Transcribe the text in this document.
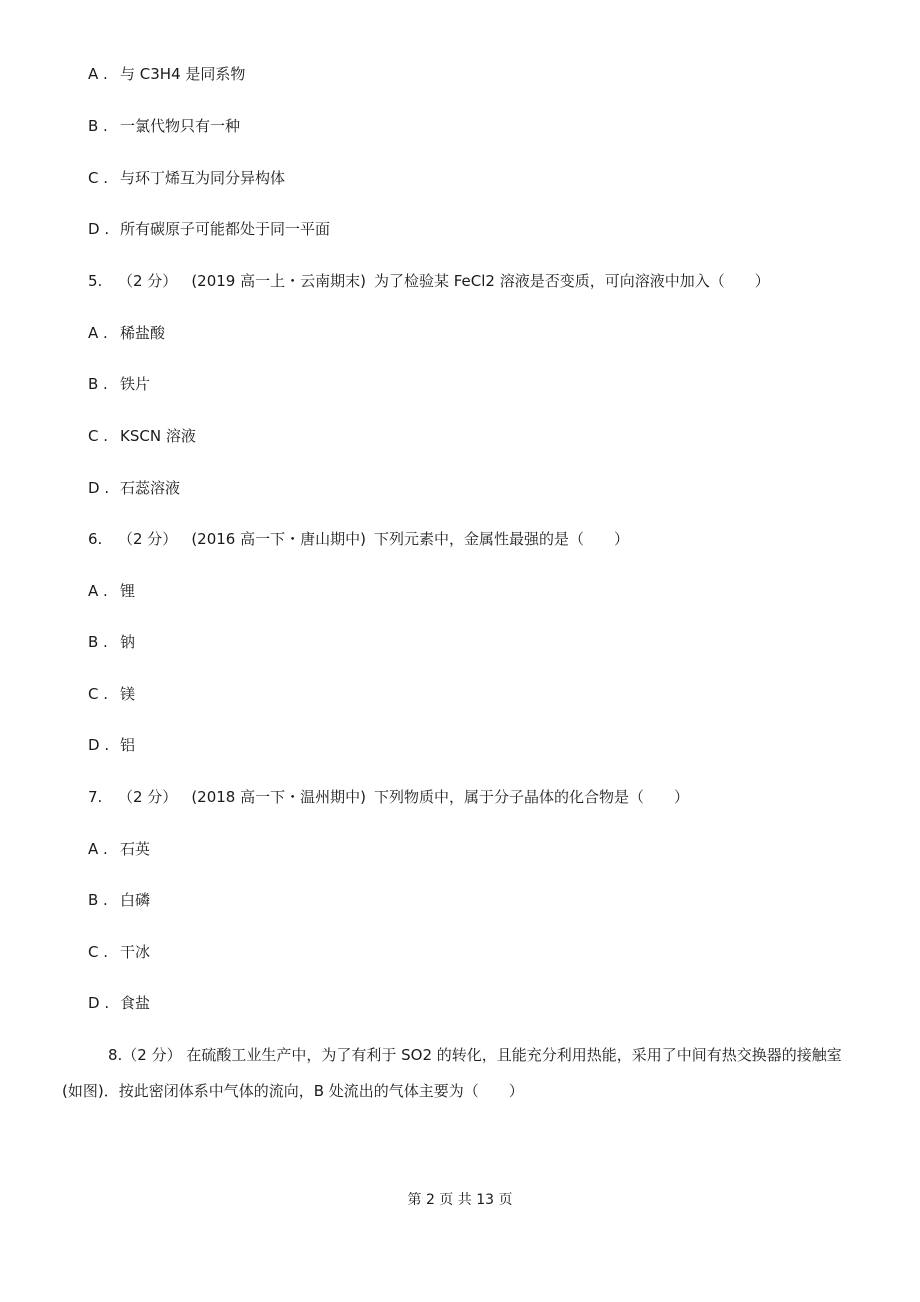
A . 与 C3H4 是同系物
B . 一氯代物只有一种
C . 与环丁烯互为同分异构体
D . 所有碳原子可能都处于同一平面
5. （2 分） (2019 高一上・云南期末) 为了检验某 FeCl2 溶液是否变质，可向溶液中加入（　　）
A . 稀盐酸
B . 铁片
C . KSCN 溶液
D . 石蕊溶液
6. （2 分） (2016 高一下・唐山期中) 下列元素中，金属性最强的是（　　）
A . 锂
B . 钠
C . 镁
D . 铝
7. （2 分） (2018 高一下・温州期中) 下列物质中，属于分子晶体的化合物是（　　）
A . 石英
B . 白磷
C . 干冰
D . 食盐
8.（2 分） 在硫酸工业生产中，为了有利于 SO2 的转化，且能充分利用热能，采用了中间有热交换器的接触室
(如图)．按此密闭体系中气体的流向，B 处流出的气体主要为（　　）
第 2 页 共 13 页
